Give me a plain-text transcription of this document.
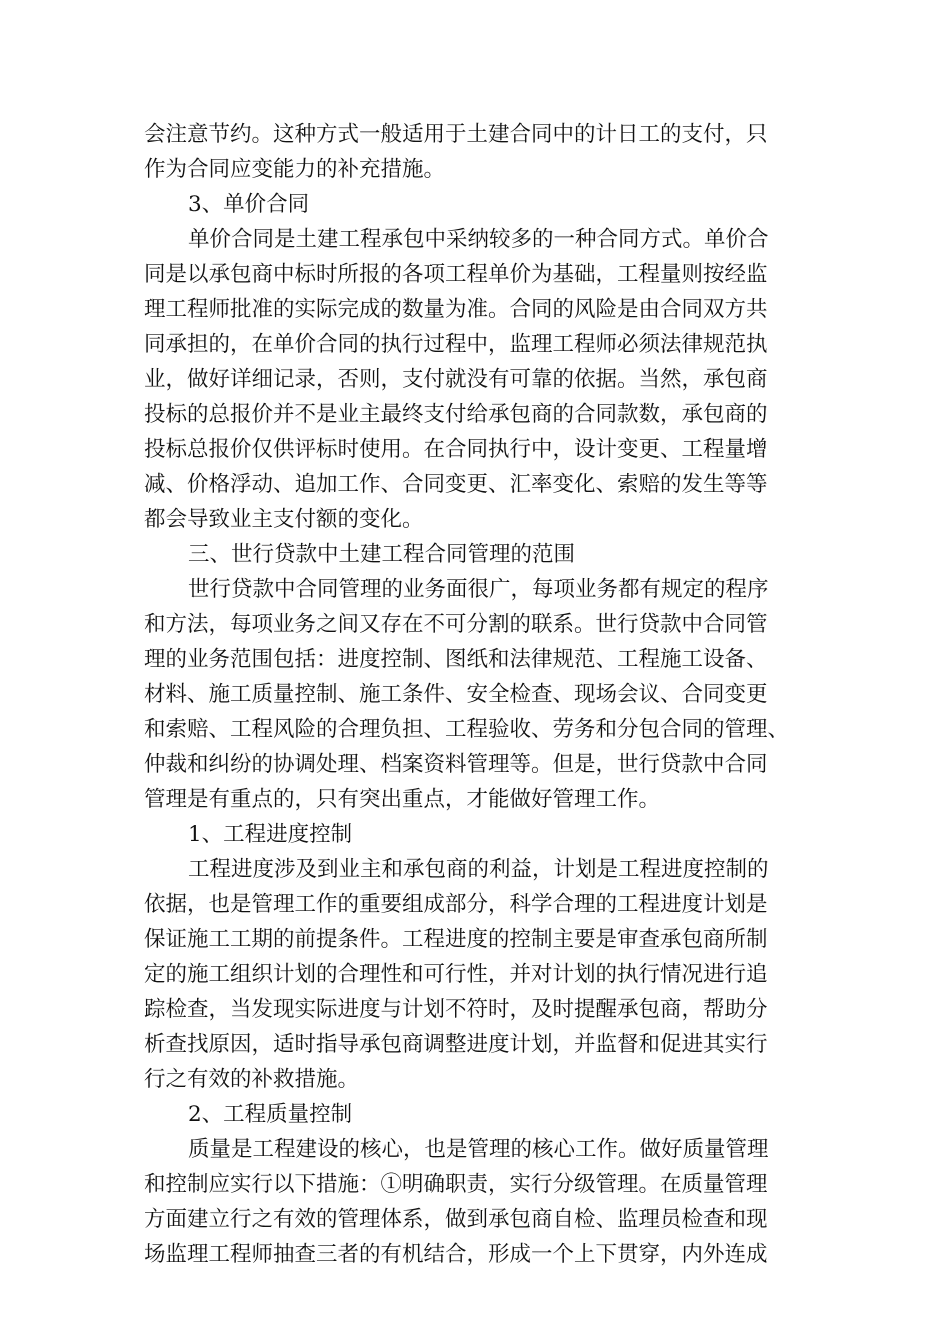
会注意节约。这种方式一般适用于土建合同中的计日工的支付，只
作为合同应变能力的补充措施。
3、单价合同
单价合同是土建工程承包中采纳较多的一种合同方式。单价合
同是以承包商中标时所报的各项工程单价为基础，工程量则按经监
理工程师批准的实际完成的数量为准。合同的风险是由合同双方共
同承担的，在单价合同的执行过程中，监理工程师必须法律规范执
业，做好详细记录，否则，支付就没有可靠的依据。当然，承包商
投标的总报价并不是业主最终支付给承包商的合同款数，承包商的
投标总报价仅供评标时使用。在合同执行中，设计变更、工程量增
减、价格浮动、追加工作、合同变更、汇率变化、索赔的发生等等
都会导致业主支付额的变化。
三、世行贷款中土建工程合同管理的范围
世行贷款中合同管理的业务面很广，每项业务都有规定的程序
和方法，每项业务之间又存在不可分割的联系。世行贷款中合同管
理的业务范围包括：进度控制、图纸和法律规范、工程施工设备、
材料、施工质量控制、施工条件、安全检查、现场会议、合同变更
和索赔、工程风险的合理负担、工程验收、劳务和分包合同的管理、
仲裁和纠纷的协调处理、档案资料管理等。但是，世行贷款中合同
管理是有重点的，只有突出重点，才能做好管理工作。
1、工程进度控制
工程进度涉及到业主和承包商的利益，计划是工程进度控制的
依据，也是管理工作的重要组成部分，科学合理的工程进度计划是
保证施工工期的前提条件。工程进度的控制主要是审查承包商所制
定的施工组织计划的合理性和可行性，并对计划的执行情况进行追
踪检查，当发现实际进度与计划不符时，及时提醒承包商，帮助分
析查找原因，适时指导承包商调整进度计划，并监督和促进其实行
行之有效的补救措施。
2、工程质量控制
质量是工程建设的核心，也是管理的核心工作。做好质量管理
和控制应实行以下措施：①明确职责，实行分级管理。在质量管理
方面建立行之有效的管理体系，做到承包商自检、监理员检查和现
场监理工程师抽查三者的有机结合，形成一个上下贯穿，内外连成
